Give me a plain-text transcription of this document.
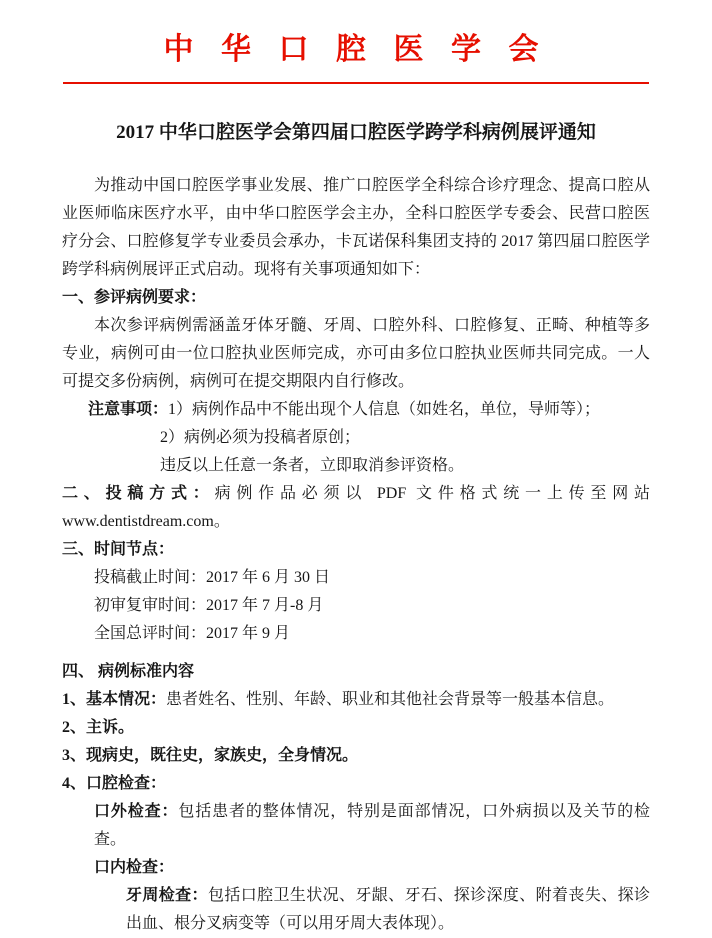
中 华 口 腔 医 学 会
2017 中华口腔医学会第四届口腔医学跨学科病例展评通知

为推动中国口腔医学事业发展、推广口腔医学全科综合诊疗理念、提高口腔从业医师临床医疗水平，由中华口腔医学会主办，全科口腔医学专委会、民营口腔医疗分会、口腔修复学专业委员会承办，卡瓦诺保科集团支持的 2017 第四届口腔医学跨学科病例展评正式启动。现将有关事项通知如下：

一、参评病例要求：

本次参评病例需涵盖牙体牙髓、牙周、口腔外科、口腔修复、正畸、种植等多专业，病例可由一位口腔执业医师完成，亦可由多位口腔执业医师共同完成。一人可提交多份病例，病例可在提交期限内自行修改。

注意事项：1）病例作品中不能出现个人信息（如姓名，单位，导师等）；

2）病例必须为投稿者原创；

违反以上任意一条者，立即取消参评资格。

二、投稿方式：病例作品必须以 PDF 文件格式统一上传至网站 www.dentistdream.com。

三、时间节点：

投稿截止时间：2017 年 6 月 30 日

初审复审时间：2017 年 7 月-8 月

全国总评时间：2017 年 9 月

四、 病例标准内容

1、基本情况：患者姓名、性别、年龄、职业和其他社会背景等一般基本信息。

2、主诉。

3、现病史，既往史，家族史，全身情况。

4、口腔检查：

口外检查：包括患者的整体情况，特别是面部情况，口外病损以及关节的检查。

口内检查：

牙周检查：包括口腔卫生状况、牙龈、牙石、探诊深度、附着丧失、探诊出血、根分叉病变等（可以用牙周大表体现）。
